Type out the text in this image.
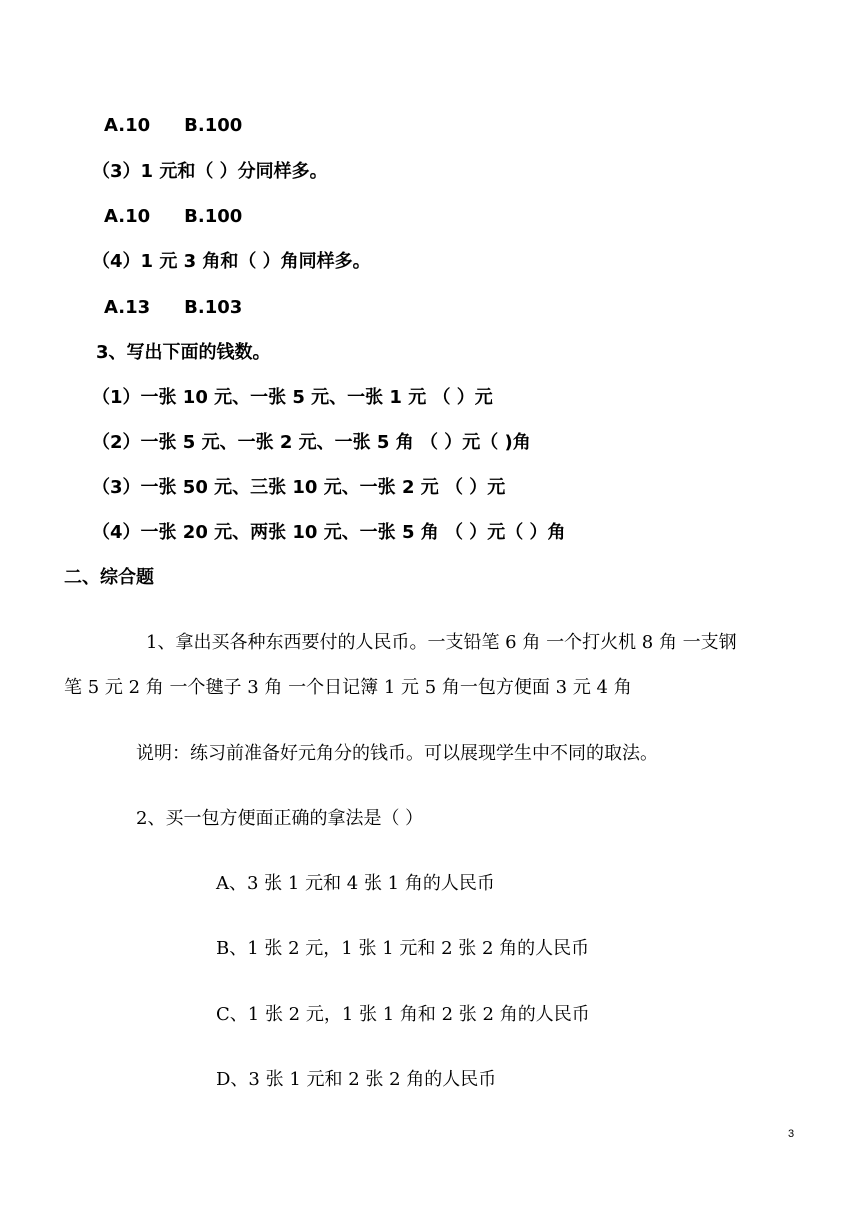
A.10 B.100
（3）1 元和（ ）分同样多。
A.10 B.100
（4）1 元 3 角和（ ）角同样多。
A.13 B.103
3、写出下面的钱数。
（1）一张 10 元、一张 5 元、一张 1 元 （ ）元
（2）一张 5 元、一张 2 元、一张 5 角 （ ）元（ )角
（3）一张 50 元、三张 10 元、一张 2 元 （ ）元
（4）一张 20 元、两张 10 元、一张 5 角 （ ）元（ ）角
二、综合题
1、拿出买各种东西要付的人民币。一支铅笔 6 角 一个打火机 8 角 一支钢
笔 5 元 2 角 一个毽子 3 角 一个日记簿 1 元 5 角一包方便面 3 元 4 角
说明：练习前准备好元角分的钱币。可以展现学生中不同的取法。
2、买一包方便面正确的拿法是（ ）
A、3 张 1 元和 4 张 1 角的人民币
B、1 张 2 元，1 张 1 元和 2 张 2 角的人民币
C、1 张 2 元，1 张 1 角和 2 张 2 角的人民币
D、3 张 1 元和 2 张 2 角的人民币
3
